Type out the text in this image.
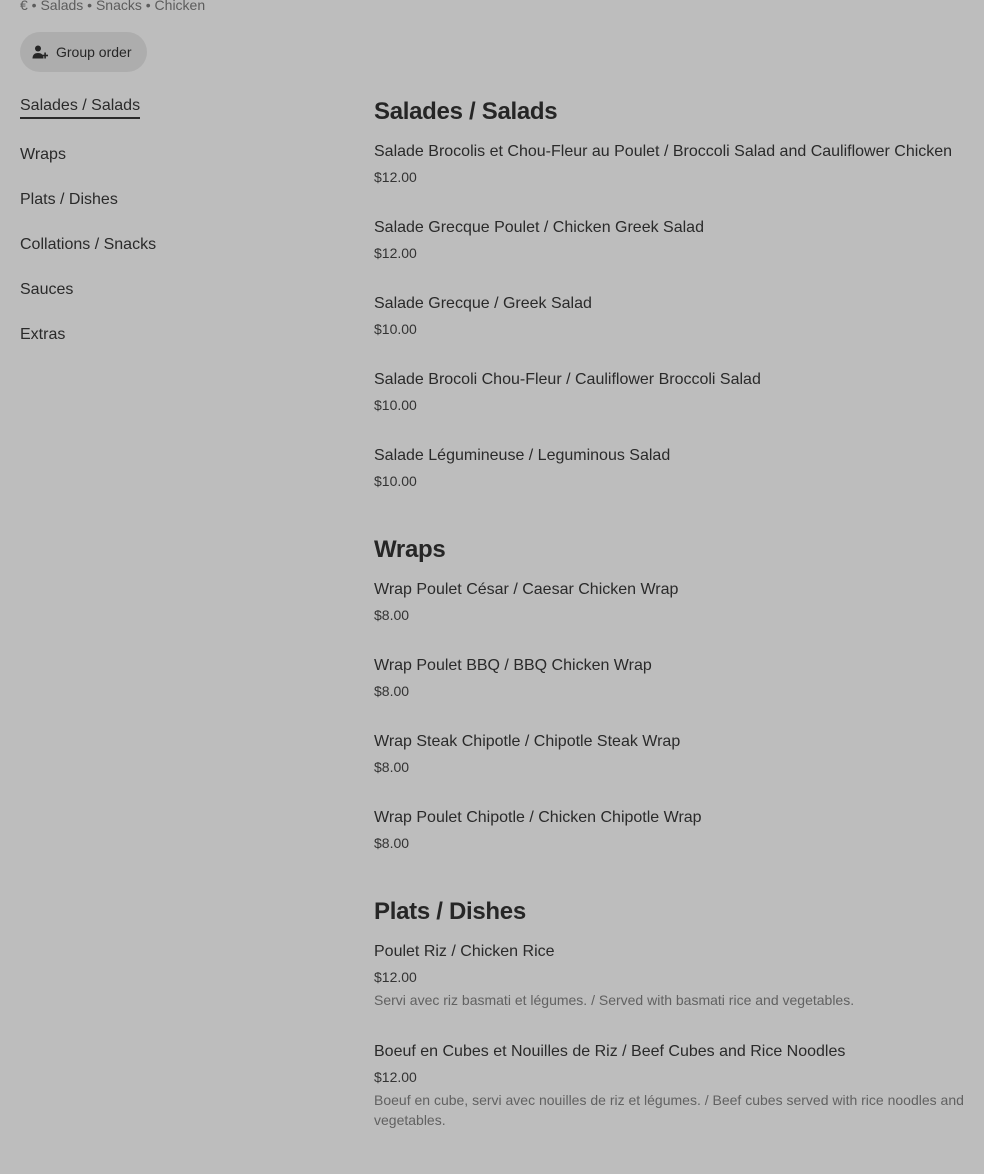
€ • Salads • Snacks • Chicken
Group order
Salades / Salads
Wraps
Plats / Dishes
Collations / Snacks
Sauces
Extras
Salades / Salads
Salade Brocolis et Chou-Fleur au Poulet / Broccoli Salad and Cauliflower Chicken
$12.00
Salade Grecque Poulet / Chicken Greek Salad
$12.00
Salade Grecque / Greek Salad
$10.00
Salade Brocoli Chou-Fleur / Cauliflower Broccoli Salad
$10.00
Salade Légumineuse / Leguminous Salad
$10.00
Wraps
Wrap Poulet César / Caesar Chicken Wrap
$8.00
Wrap Poulet BBQ / BBQ Chicken Wrap
$8.00
Wrap Steak Chipotle / Chipotle Steak Wrap
$8.00
Wrap Poulet Chipotle / Chicken Chipotle Wrap
$8.00
Plats / Dishes
Poulet Riz / Chicken Rice
$12.00
Servi avec riz basmati et légumes. / Served with basmati rice and vegetables.
Boeuf en Cubes et Nouilles de Riz / Beef Cubes and Rice Noodles
$12.00
Boeuf en cube, servi avec nouilles de riz et légumes. / Beef cubes served with rice noodles and vegetables.
